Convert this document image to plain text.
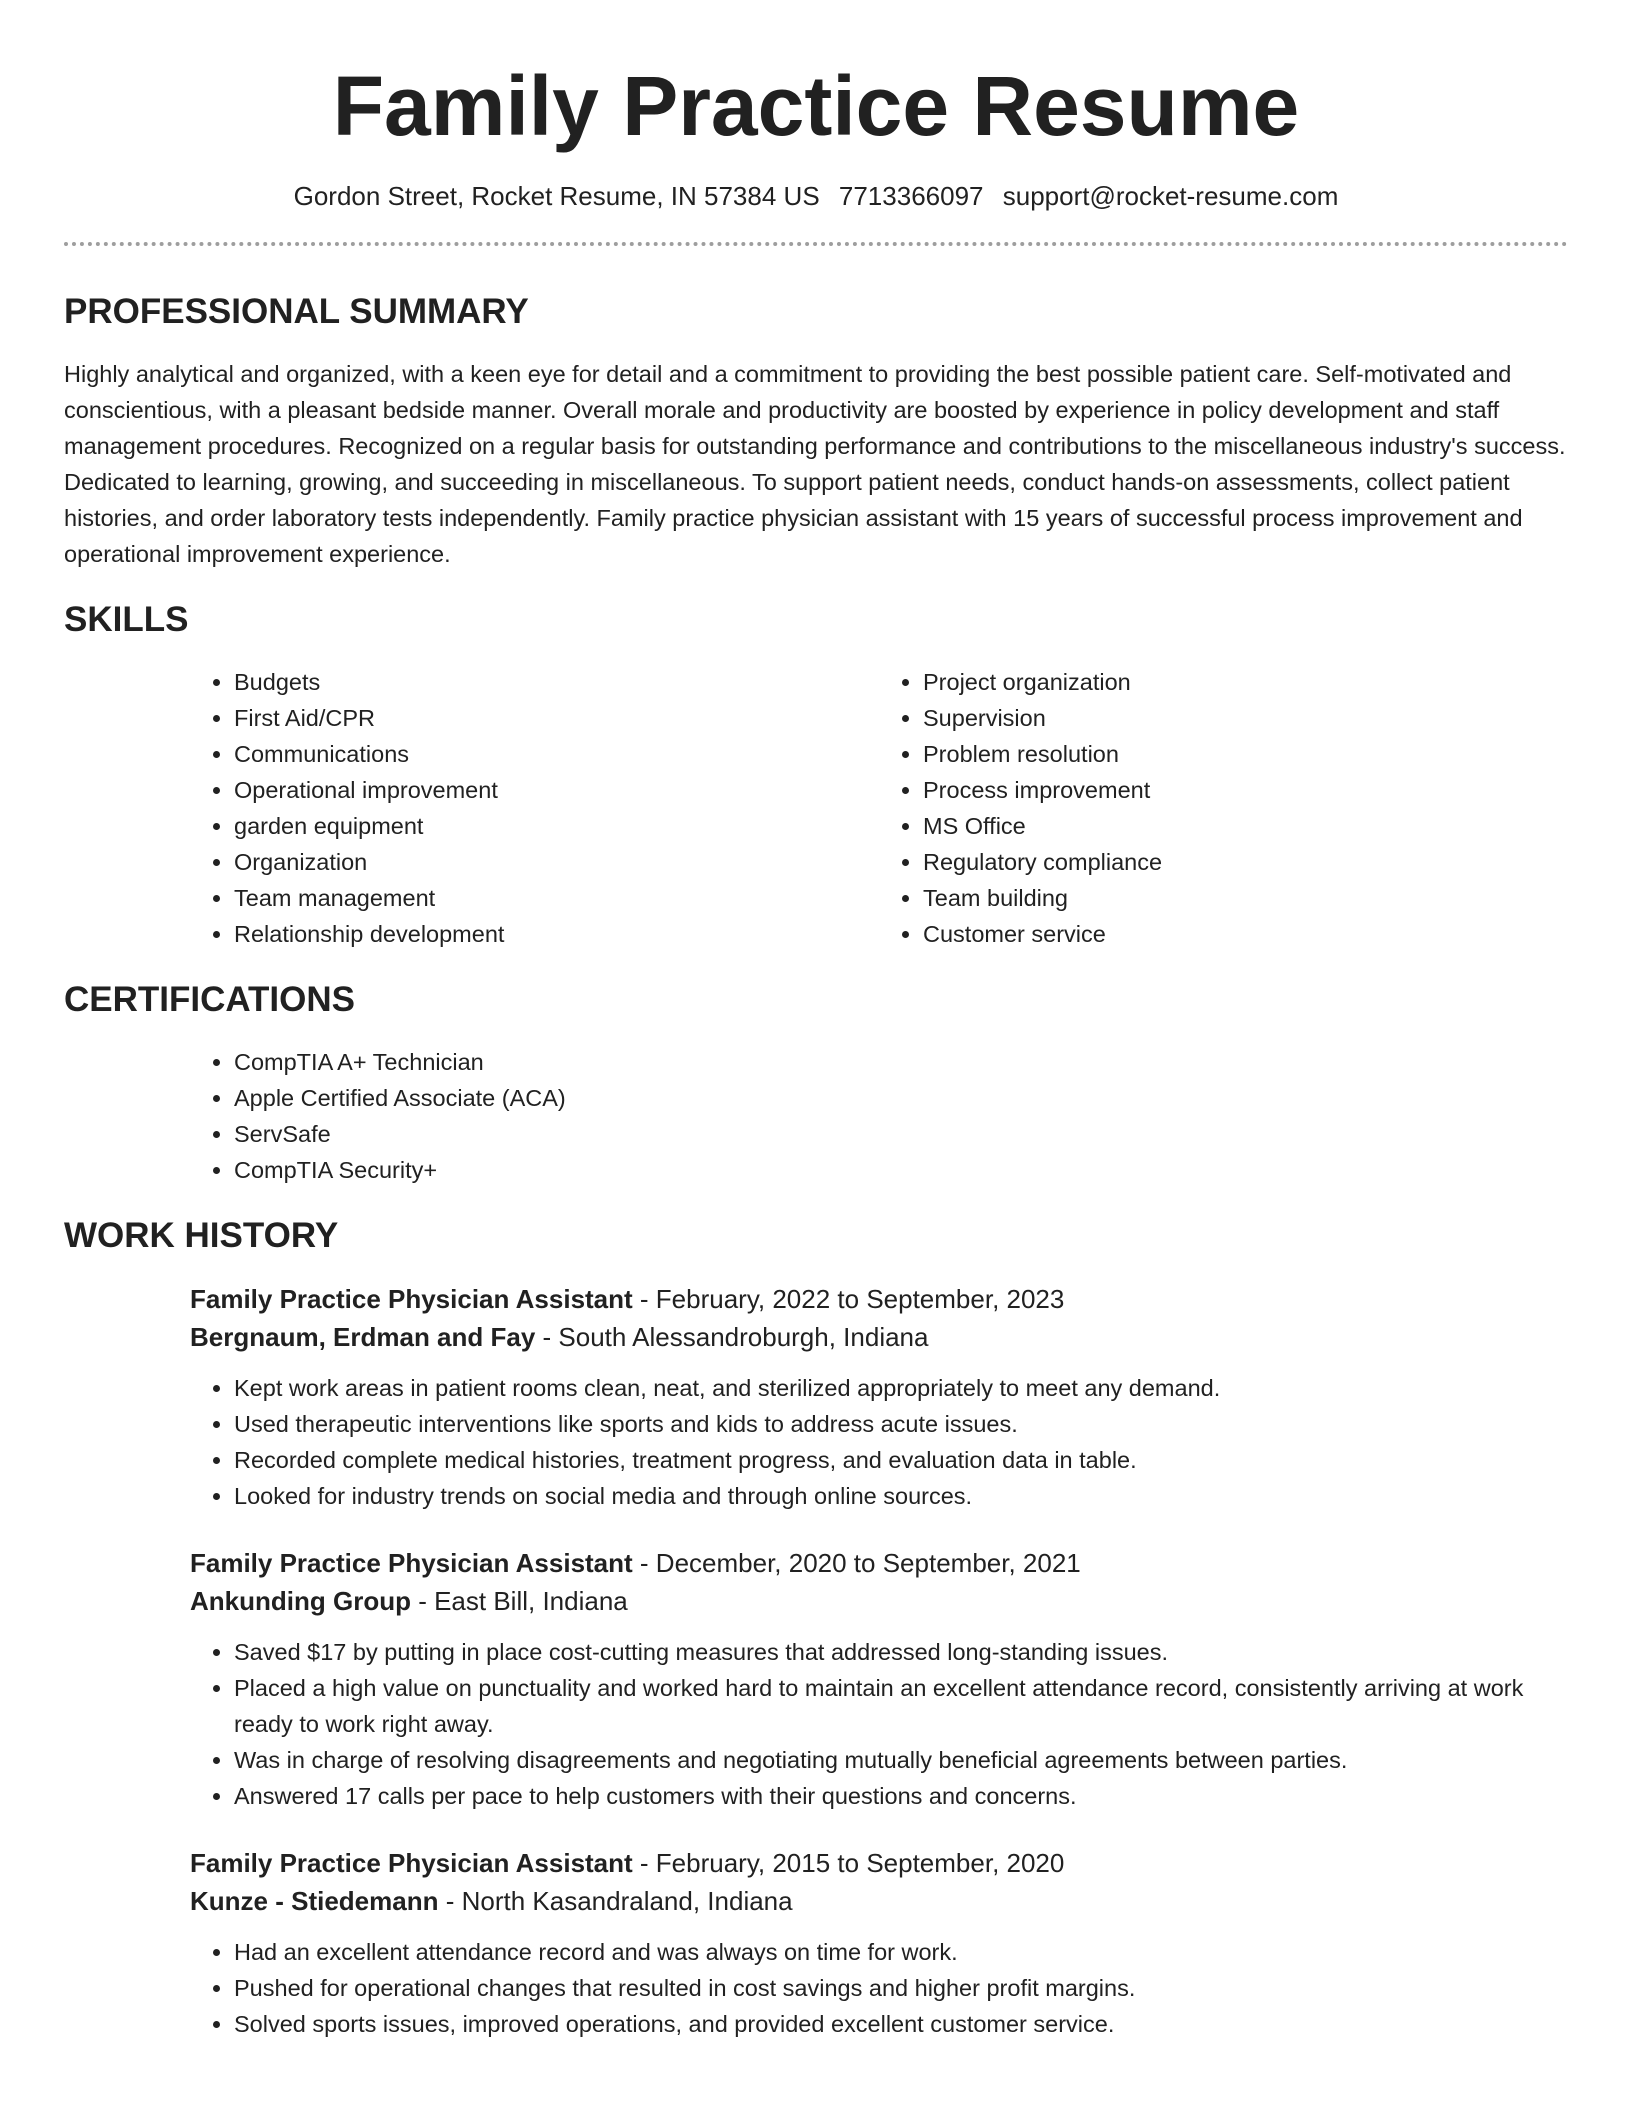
Family Practice Resume
Gordon Street, Rocket Resume, IN 57384 US 7713366097 support@rocket-resume.com
PROFESSIONAL SUMMARY

Highly analytical and organized, with a keen eye for detail and a commitment to providing the best possible patient care. Self-motivated and conscientious, with a pleasant bedside manner. Overall morale and productivity are boosted by experience in policy development and staff management procedures. Recognized on a regular basis for outstanding performance and contributions to the miscellaneous industry's success. Dedicated to learning, growing, and succeeding in miscellaneous. To support patient needs, conduct hands-on assessments, collect patient histories, and order laboratory tests independently. Family practice physician assistant with 15 years of successful process improvement and operational improvement experience.

SKILLS
• Budgets
• First Aid/CPR
• Communications
• Operational improvement
• garden equipment
• Organization
• Team management
• Relationship development
• Project organization
• Supervision
• Problem resolution
• Process improvement
• MS Office
• Regulatory compliance
• Team building
• Customer service
CERTIFICATIONS
• CompTIA A+ Technician
• Apple Certified Associate (ACA)
• ServSafe
• CompTIA Security+
WORK HISTORY
Family Practice Physician Assistant - February, 2022 to September, 2023
Bergnaum, Erdman and Fay - South Alessandroburgh, Indiana
• Kept work areas in patient rooms clean, neat, and sterilized appropriately to meet any demand.
• Used therapeutic interventions like sports and kids to address acute issues.
• Recorded complete medical histories, treatment progress, and evaluation data in table.
• Looked for industry trends on social media and through online sources.
Family Practice Physician Assistant - December, 2020 to September, 2021
Ankunding Group - East Bill, Indiana
• Saved $17 by putting in place cost-cutting measures that addressed long-standing issues.
• Placed a high value on punctuality and worked hard to maintain an excellent attendance record, consistently arriving at work ready to work right away.
• Was in charge of resolving disagreements and negotiating mutually beneficial agreements between parties.
• Answered 17 calls per pace to help customers with their questions and concerns.
Family Practice Physician Assistant - February, 2015 to September, 2020
Kunze - Stiedemann - North Kasandraland, Indiana
• Had an excellent attendance record and was always on time for work.
• Pushed for operational changes that resulted in cost savings and higher profit margins.
• Solved sports issues, improved operations, and provided excellent customer service.
